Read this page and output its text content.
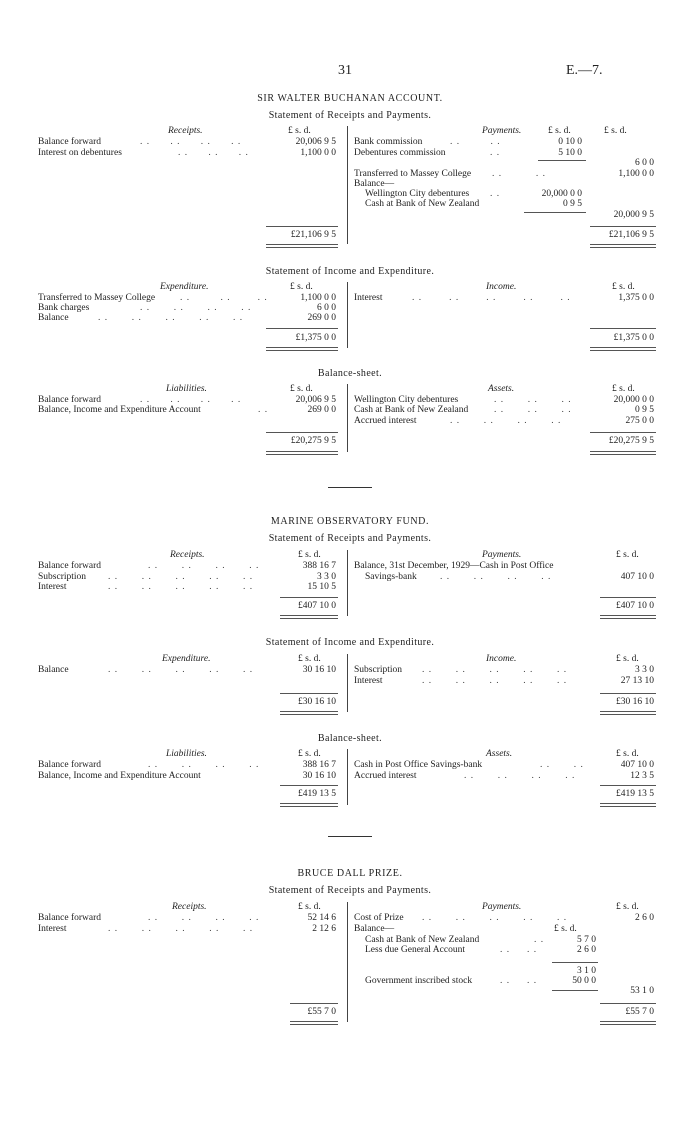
31	E.—7.
SIR WALTER BUCHANAN ACCOUNT.
Statement of Receipts and Payments.
Receipts.	£ s. d.
Balance forward	. .      . .      . .      . .	20,006 9 5
Interest on debentures	. .      . .      . .	1,100 0 0
£21,106 9 5
Payments.	£ s. d.	£ s. d.
Bank commission	. .         . .	0 10 0
Debentures commission	. .	5 10 0
6 0 0
Transferred to Massey College . .          . .	1,100 0 0
Balance—
Wellington City debentures . .	20,000 0 0
Cash at Bank of New Zealand	0 9 5
20,000 9 5
£21,106 9 5
Statement of Income and Expenditure.
Expenditure.	£ s. d.
Transferred to Massey College	. .         . .        . .	1,100 0 0
Bank charges	. .       . .       . .       . .	6 0 0
Balance	. .       . .       . .       . .       . .	269 0 0
£1,375 0 0
Income.	£ s. d.
Interest	. .        . .        . .        . .        . .	1,375 0 0
£1,375 0 0
Balance-sheet.
Liabilities.	£ s. d.
Balance forward	. .      . .      . .      . .	20,006 9 5
Balance, Income and Expenditure Account	. .	269 0 0
£20,275 9 5
Assets.	£ s. d.
Wellington City debentures	. .       . .       . .	20,000 0 0
Cash at Bank of New Zealand	. .       . .       . .	0 9 5
Accrued interest	. .       . .       . .       . .	275 0 0
£20,275 9 5
MARINE OBSERVATORY FUND.
Statement of Receipts and Payments.
Receipts.	£ s. d.
Balance forward	. .       . .       . .       . .	388 16 7
Subscription . .       . .       . .       . .       . .	3 3 0
Interest	. .       . .       . .       . .       . .	15 10 5
£407 10 0
Payments.	£ s. d.
Balance, 31st December, 1929—Cash in Post Office
Savings-bank . .       . .       . .       . .	407 10 0
£407 10 0
Statement of Income and Expenditure.
Expenditure.	£ s. d.
Balance	. .       . .       . .       . .       . .	30 16 10
£30 16 10
Income.	£ s. d.
Subscription . .       . .       . .       . .       . .	3 3 0
Interest	. .       . .       . .       . .       . .	27 13 10
£30 16 10
Balance-sheet.
Liabilities.	£ s. d.
Balance forward	. .       . .       . .       . .	388 16 7
Balance, Income and Expenditure Account	30 16 10
£419 13 5
Assets.	£ s. d.
Cash in Post Office Savings-bank	. .       . .	407 10 0
Accrued interest	. .       . .       . .       . .	12 3 5
£419 13 5
BRUCE DALL PRIZE.
Statement of Receipts and Payments.
Receipts.	£ s. d.
Balance forward	. .       . .       . .       . .	52 14 6
Interest	. .       . .       . .       . .       . .	2 12 6
£55 7 0
Payments.	£ s. d.
Cost of Prize . .       . .       . .       . .       . .	2 6 0
Balance—	£ s. d.
Cash at Bank of New Zealand	. .	5 7 0
Less due General Account	. .     . .	2 6 0
3 1 0
Government inscribed stock	. .     . .	50 0 0
53 1 0
£55 7 0
